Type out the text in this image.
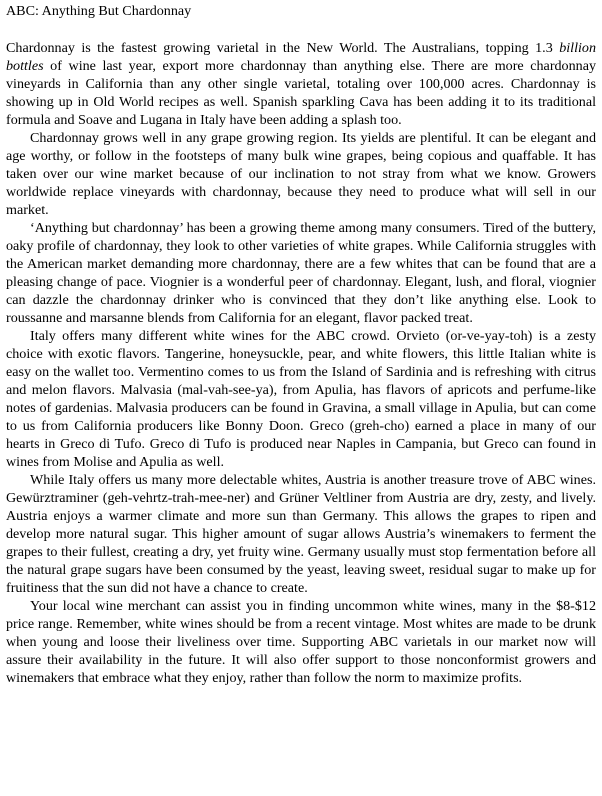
ABC: Anything But Chardonnay

Chardonnay is the fastest growing varietal in the New World. The Australians, topping 1.3 billion bottles of wine last year, export more chardonnay than anything else. There are more chardonnay vineyards in California than any other single varietal, totaling over 100,000 acres. Chardonnay is showing up in Old World recipes as well. Spanish sparkling Cava has been adding it to its traditional formula and Soave and Lugana in Italy have been adding a splash too.

Chardonnay grows well in any grape growing region. Its yields are plentiful. It can be elegant and age worthy, or follow in the footsteps of many bulk wine grapes, being copious and quaffable. It has taken over our wine market because of our inclination to not stray from what we know. Growers worldwide replace vineyards with chardonnay, because they need to produce what will sell in our market.

‘Anything but chardonnay’ has been a growing theme among many consumers. Tired of the buttery, oaky profile of chardonnay, they look to other varieties of white grapes. While California struggles with the American market demanding more chardonnay, there are a few whites that can be found that are a pleasing change of pace. Viognier is a wonderful peer of chardonnay. Elegant, lush, and floral, viognier can dazzle the chardonnay drinker who is convinced that they don’t like anything else. Look to roussanne and marsanne blends from California for an elegant, flavor packed treat.

Italy offers many different white wines for the ABC crowd. Orvieto (or-ve-yay-toh) is a zesty choice with exotic flavors. Tangerine, honeysuckle, pear, and white flowers, this little Italian white is easy on the wallet too. Vermentino comes to us from the Island of Sardinia and is refreshing with citrus and melon flavors. Malvasia (mal-vah-see-ya), from Apulia, has flavors of apricots and perfume-like notes of gardenias. Malvasia producers can be found in Gravina, a small village in Apulia, but can come to us from California producers like Bonny Doon. Greco (greh-cho) earned a place in many of our hearts in Greco di Tufo. Greco di Tufo is produced near Naples in Campania, but Greco can found in wines from Molise and Apulia as well.

While Italy offers us many more delectable whites, Austria is another treasure trove of ABC wines. Gewürztraminer (geh-vehrtz-trah-mee-ner) and Grüner Veltliner from Austria are dry, zesty, and lively. Austria enjoys a warmer climate and more sun than Germany. This allows the grapes to ripen and develop more natural sugar. This higher amount of sugar allows Austria’s winemakers to ferment the grapes to their fullest, creating a dry, yet fruity wine. Germany usually must stop fermentation before all the natural grape sugars have been consumed by the yeast, leaving sweet, residual sugar to make up for fruitiness that the sun did not have a chance to create.

Your local wine merchant can assist you in finding uncommon white wines, many in the $8-$12 price range. Remember, white wines should be from a recent vintage. Most whites are made to be drunk when young and loose their liveliness over time. Supporting ABC varietals in our market now will assure their availability in the future. It will also offer support to those nonconformist growers and winemakers that embrace what they enjoy, rather than follow the norm to maximize profits.
